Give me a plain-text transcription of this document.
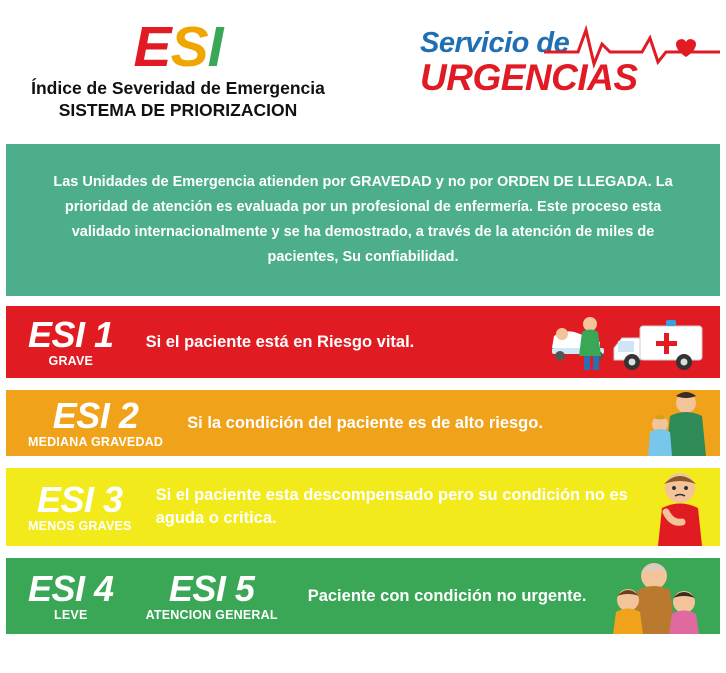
ESI
Índice de Severidad de Emergencia
SISTEMA DE PRIORIZACION
Servicio de
URGENCIAS

Las Unidades de Emergencia atienden por GRAVEDAD y no por ORDEN DE LLEGADA. La prioridad de atención es evaluada por un profesional de enfermería. Este proceso esta validado internacionalmente y se ha demostrado, a través de la atención de miles de pacientes, Su confiabilidad.

ESI 1
GRAVE
Si el paciente está en Riesgo vital.
ESI 2
MEDIANA GRAVEDAD
Si la condición del paciente es de alto riesgo.
ESI 3
MENOS GRAVES
Si el paciente esta descompensado pero su condición no es aguda o critica.
ESI 4
LEVE
ESI 5
ATENCION GENERAL
Paciente con condición no urgente.
